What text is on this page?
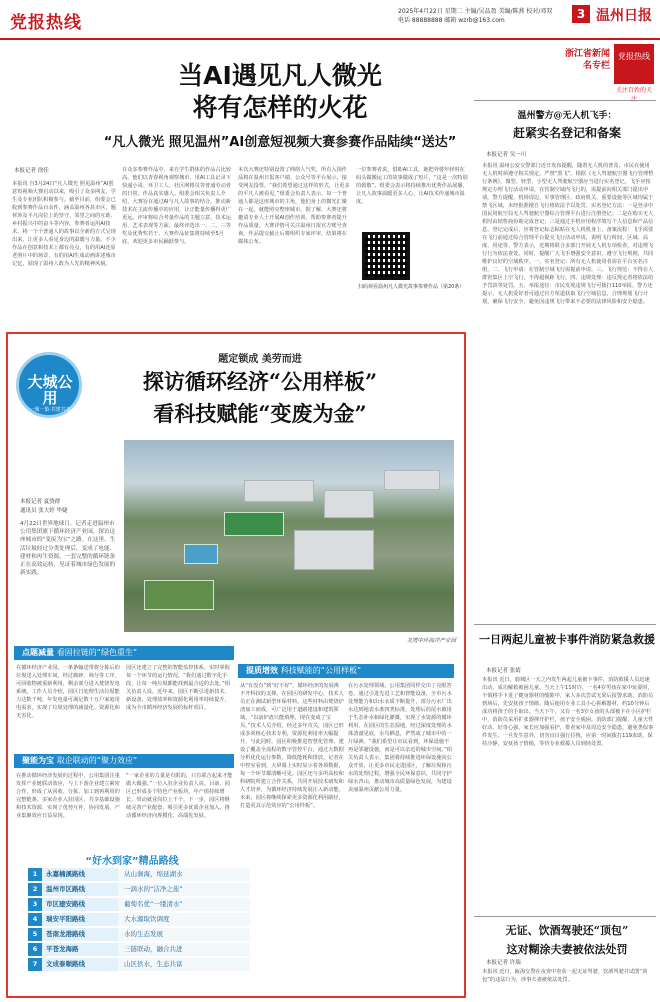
党报热线
2025年4月22日 星期二 主编/吴品盈 美编/陈燕 校对/邓双
电话 88888888 邮箱 wzrb@163.com	3 温州日报
浙江省新闻名专栏
党报热线
关注百姓的关
当AI遇见凡人微光
将有怎样的火花
“凡人微光 照见温州”AI创意短视频大赛参赛作品陆续“送达”
本报记者 徐佳
本报讯 自3月24日“凡人微光 照见温州”AI创意短视频大赛启动以来，吸引了众多网友、学生及专业团队积极参与。截至目前，组委会已收到参赛作品百余件，涵盖温州各县市区，题材涉及平凡岗位上的坚守、邻里之间的互助、乡村振兴中的奋斗等内容。参赛者运用AI技术，将一个个普通人的故事以全新的方式呈现出来，让更多人看见身边的温暖与力量。不少作品在创意和技术上都有亮点，有的用AI还原老照片中的场景，有的用AI生成动画讲述城市记忆，展现了温州人敢为人先的精神风貌。
在众多参赛作品中，来自学生群体的作品占比较高。他们以青春视角观察城市，用AI工具记录下快递小哥、环卫工人、社区网格员等普通劳动者的日常，作品真实感人。组委会相关负责人介绍，大赛旨在通过AI与凡人故事的结合，推动新技术在主流传播中的应用，让正能量传播得更广更远。评审将综合考量作品的主题立意、技术运用、艺术表现等方面，最终评选出一、二、三等奖及优秀奖若干。大赛作品征集将持续至5月底，欢迎更多市民踊跃参与。
本次大赛还特别设置了网络人气奖，所有入围作品将在温州日报客户端、公众号等平台展示，接受网友投票。“我们希望通过这样的形式，让更多的平凡人被看见。”组委会负责人表示，每一个普通人都是这座城市的主角，他们身上的微光汇聚在一起，就能照亮整座城市。据了解，大赛还将邀请专业人士开展AI创作培训，帮助参赛者提升作品质量。大赛详情可关注温州日报官方账号查询，作品提交截止后将组织专家评审，结果将在媒体公布。
一位参赛者说，借助AI工具，她把外婆年轻时在码头做搬运工的故事做成了短片，“这是一次特别的致敬”。组委会表示将持续推出优秀作品展播，让凡人故事温暖更多人心，让AI技术传递城市温度。
扫码观看温州凡人微光故事参赛作品（第20条）
温州警方@无人机飞手：
赶紧实名登记和备案
本报记者 吴一川
本报讯 温州公安交警部门近日发布提醒，随着无人机的普及，市民在使用无人机时须遵守相关规定，严禁“黑飞”。根据《无人驾驶航空器飞行管理暂行条例》，微型、轻型、小型无人驾驶航空器应当进行实名登记，飞手应按规定办理飞行活动申请。在管制空域内飞行的，需提前向相关部门提出申请。警方提醒，机场周边、军事管理区、政府机关、重要设施等区域均属于禁飞区域，未经批准擅自飞行将依法予以处罚。实名登记方法：一是登录中国民用航空局无人驾驶航空器综合管理平台进行注册登记；二是在购买无人机时由销售商协助完成登记；三是通过手机应用程序填写个人信息和产品信息。登记完成后，应将登记标志粘贴在无人机机身上。备案流程：飞手需要在飞行前通过综合管理平台提交飞行活动申请，说明飞行时间、区域、高度、用途等。警方表示，近期将联合多部门开展无人机专项检查，对违规飞行行为依法查处。同时，提醒广大飞手增强安全意识，遵守飞行规则，共同维护良好的空域秩序。一、实名登记：所有无人机使用者需在平台实名注册。二、飞行申请：在管制空域飞行需提前申请。三、飞行规范：不得在人群密集区上空飞行，不得超视距飞行。四、违规处理：违反规定者将依法给予罚款等处罚。五、举报途径：市民发现违规飞行可拨打110举报。警方还提示，无人机爱好者可通过官方渠道获取飞行空域信息，合理规划飞行计划，确保飞行安全，避免因违规飞行带来不必要的法律风险和安全隐患。
一日两起儿童被卡事件消防紧急救援
本报记者 张婧
本报讯 近日，鹿城区一天之内发生两起儿童被卡事件，消防救援人员迅速出动，成功解救被困儿童。当天上午11时许，一名4岁男孩在家中玩耍时，不慎将手卡进了健身器材的缝隙中，家人多次尝试无果后报警求助。消防员到场后，先安抚孩子情绪，随后使用专业工具小心拆解器材，约10分钟后成功将孩子的手取出。当天下午，又有一名3岁女孩的头部被卡在小区护栏中，消防员采用扩张器撑开护栏，孩子安全脱困。消防部门提醒，儿童天性好动、好奇心强，家长应加强看护，排查家中及周边安全隐患，避免类似事件发生。一旦发生意外，切勿盲目强行拉拽，应第一时间拨打119求助，保持冷静，安抚孩子情绪，等待专业救援人员到场处置。
无证、饮酒驾驶还“顶包”
这对糊涂夫妻被依法处罚
本报记者 许瑞
本报讯 近日，瓯海交警在夜查中查获一起无证驾驶、饮酒驾驶并试图“顶包”的违法行为，涉事夫妻被依法处罚。
大城公用
一城一策·共建共享
题定锁成 美劳而进
探访循环经济“公用样板”
看科技赋能“变废为金”
本报记者 夏骁群
通讯员 张大婷 毕婕
4月22日世界地球日，记者走进温州市公用集团旗下循环经济产业园，探访这座城市的“变废为宝”之路。在这里，生活垃圾经过分类处理后，变成了电能、建材和再生资源，一套完整的循环链条正在高效运转，见证着城市绿色发展的新实践。
龙湾中环海洋产业园
点题减量 看固拉链的“绿色重生”
在循环经济产业园，一条条输送带将分拣后的垃圾送入处理车间，经过破碎、筛分等工序，可回收物被重新利用，剩余部分进入焚烧发电系统。工作人员介绍，园区日处理生活垃圾能力达数千吨，年发电量可满足数十万户家庭用电需求，实现了垃圾处理的减量化、资源化和无害化。
园区还建立了完整的智能监控体系，实时掌握每一个环节的运行情况。“我们通过数字化手段，让每一吨垃圾都能找到最合适的去处。”相关负责人说。近年来，园区不断引进新技术、新设备，处理效率和资源化利用率持续提升，成为全市循环经济发展的标杆项目。
提质增效 科技赋能的“公用样板”
从“有没有”到“好不好”，循环经济的发展离不开科技的支撑。在园区的研发中心，技术人员正在测试新型环保材料。这些材料由焚烧炉渣加工而成，可广泛用于道路建设和建筑领域。“以前炉渣只能填埋，现在变成了宝贝。”技术人员介绍，经过多年攻关，园区已形成多项核心技术专利，资源化利用率大幅提升。与此同时，园区积极推进智慧化管理，建设了覆盖全流程的数字管控平台，通过大数据分析优化运行参数，降低能耗和排放。记者在中控室看到，大屏幕上实时显示着各项数据，每一个环节都清晰可见。园区还与多所高校和科研院所建立合作关系，共同开展技术研发和人才培养，为循环经济持续发展注入新动能。未来，园区将继续探索更多资源化利用路径，打造更具示范效应的“公用样板”。
在污水处理领域，公用集团同样交出了亮眼答卷。通过引进先进工艺和智能设备，全市污水处理能力和出水水质不断提升，部分污水厂出水达到地表水准四类标准，处理后的尾水被用于生态补水和绿化灌溉，实现了水资源的循环利用。在园区的生态湿地，经过深度处理的水体清澈见底，水鸟栖息，俨然成了城市中的一片绿洲。“我们希望让市民看到，环保设施不再是邻避设施，而是可以亲近的城市空间。”相关负责人表示，集团将持续推进环保设施向公众开放，让更多市民走进园区，了解垃圾和污水的处理过程，增强全民环保意识，共同守护绿水青山，推动城市高质量绿色发展，为建设美丽温州贡献公用力量。
聚能为宝 取企联动的“聚力效应”
在推动循环经济发展的过程中，公用集团注重发挥产业链联动效应，与上下游企业建立紧密合作，形成了从回收、分拣、加工到再利用的完整链条。多家企业入驻园区，共享基础设施和技术资源，实现了优势互补、协同发展，产业集聚效应日益显现。
“一家企业的力量是有限的，只有联合起来才能做大做强。”一位入驻企业负责人说。目前，园区已形成多个特色产业板块，年产值持续增长，带动就业岗位上千个。下一步，园区将继续完善产业配套，吸引更多优质企业加入，推动循环经济向规模化、高端化发展。
“好水到家”精品路线
1	永嘉楠溪路线	从山涧海，绵延湖水
2	温州市区路线	一滴水的“洁净之旅”
3	市区建安路线	葡萄名优“一缕清水”
4	瑞安平阳路线	大水源取饮调度
5	苍南龙港路线	水的生态发展
6	平苍龙海路	三链联动，融合共进
7	文成泰顺路线	山区供水，生态共富
